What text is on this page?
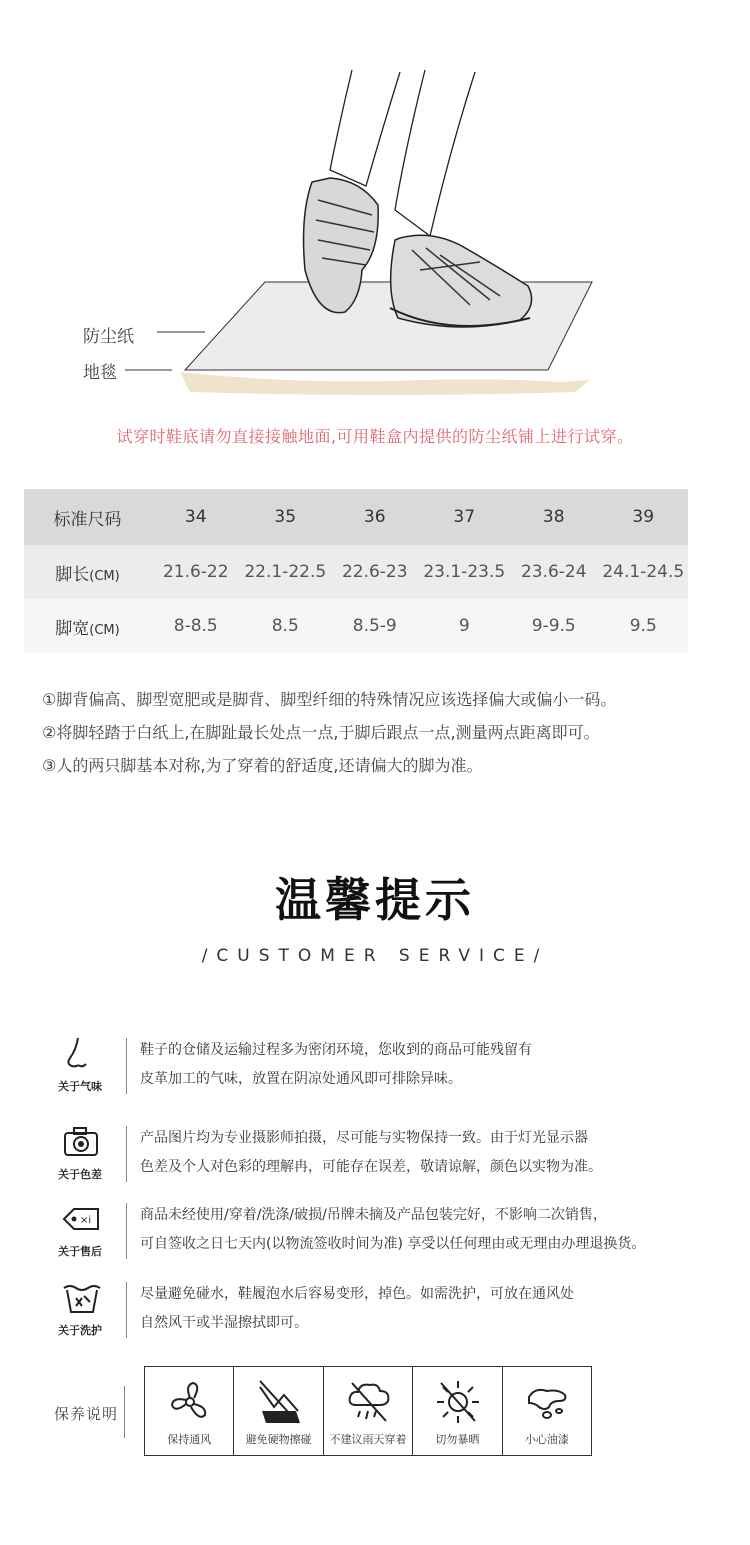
防尘纸
地毯
试穿时鞋底请勿直接接触地面,可用鞋盒内提供的防尘纸铺上进行试穿。
标准尺码	34	35	36	37	38	39
脚长(CM)	21.6-22 22.1-22.5 22.6-23 23.1-23.5 23.6-24 24.1-24.5
脚宽(CM)	8-8.5	8.5	8.5-9	9	9-9.5	9.5
①脚背偏高、脚型宽肥或是脚背、脚型纤细的特殊情况应该选择偏大或偏小一码。
②将脚轻踏于白纸上,在脚趾最长处点一点,于脚后跟点一点,测量两点距离即可。
③人的两只脚基本对称,为了穿着的舒适度,还请偏大的脚为准。
温馨提示
/CUSTOMER SERVICE/
关于气味
鞋子的仓储及运输过程多为密闭环境，您收到的商品可能残留有
皮革加工的气味，放置在阴凉处通风即可排除异味。
关于色差
产品图片均为专业摄影师拍摄，尽可能与实物保持一致。由于灯光显示器
色差及个人对色彩的理解冉，可能存在误差，敬请谅解，颜色以实物为准。
×i
关于售后
商品未经使用/穿着/洗涤/破损/吊牌未摘及产品包装完好，不影响二次销售，
可自签收之日七天内(以物流签收时间为准) 享受以任何理由或无理由办理退换货。
关于洗护
尽量避免碰水，鞋履泡水后容易变形，掉色。如需洗护，可放在通风处
自然风干或半湿擦拭即可。
保养说明
保持通风	避免硬物擦碰	不建议雨天穿着	切勿暴晒	小心油漆
